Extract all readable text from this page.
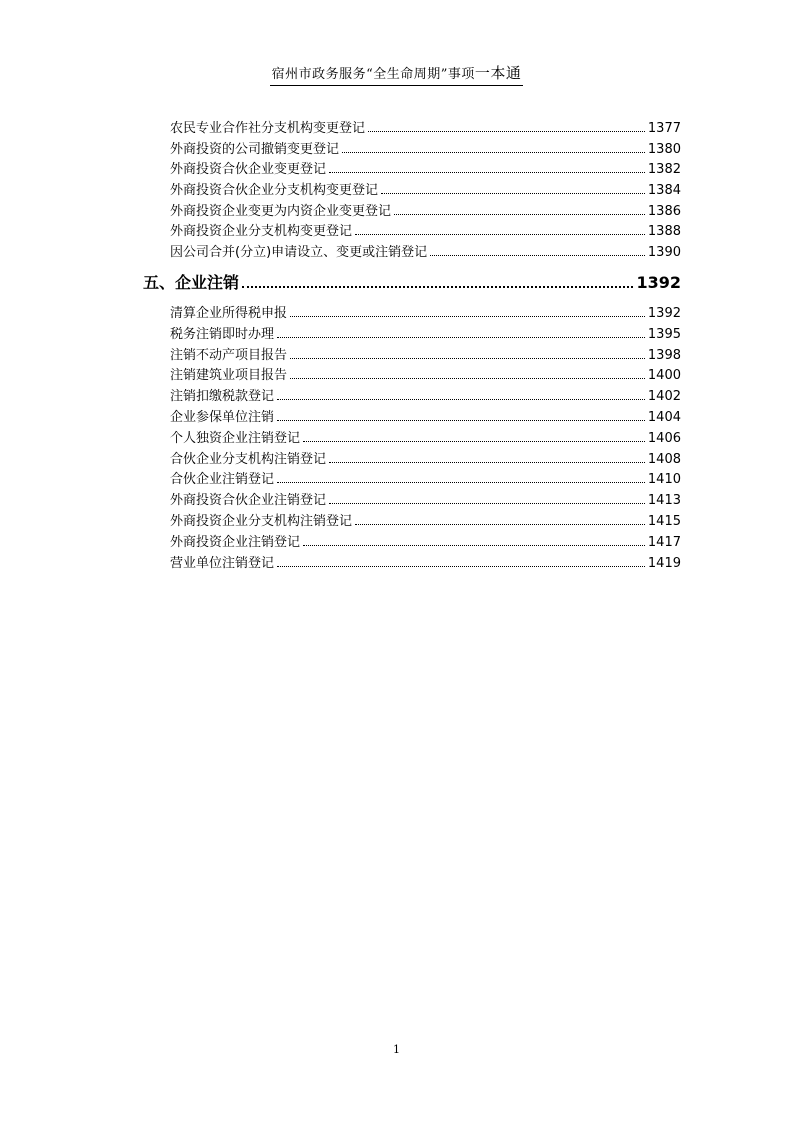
宿州市政务服务“全生命周期”事项一本通
农民专业合作社分支机构变更登记	1377
外商投资的公司撤销变更登记	1380
外商投资合伙企业变更登记	1382
外商投资合伙企业分支机构变更登记	1384
外商投资企业变更为内资企业变更登记	1386
外商投资企业分支机构变更登记	1388
因公司合并(分立)申请设立、变更或注销登记	1390
五、企业注销	1392
清算企业所得税申报	1392
税务注销即时办理	1395
注销不动产项目报告	1398
注销建筑业项目报告	1400
注销扣缴税款登记	1402
企业参保单位注销	1404
个人独资企业注销登记	1406
合伙企业分支机构注销登记	1408
合伙企业注销登记	1410
外商投资合伙企业注销登记	1413
外商投资企业分支机构注销登记	1415
外商投资企业注销登记	1417
营业单位注销登记	1419
1
